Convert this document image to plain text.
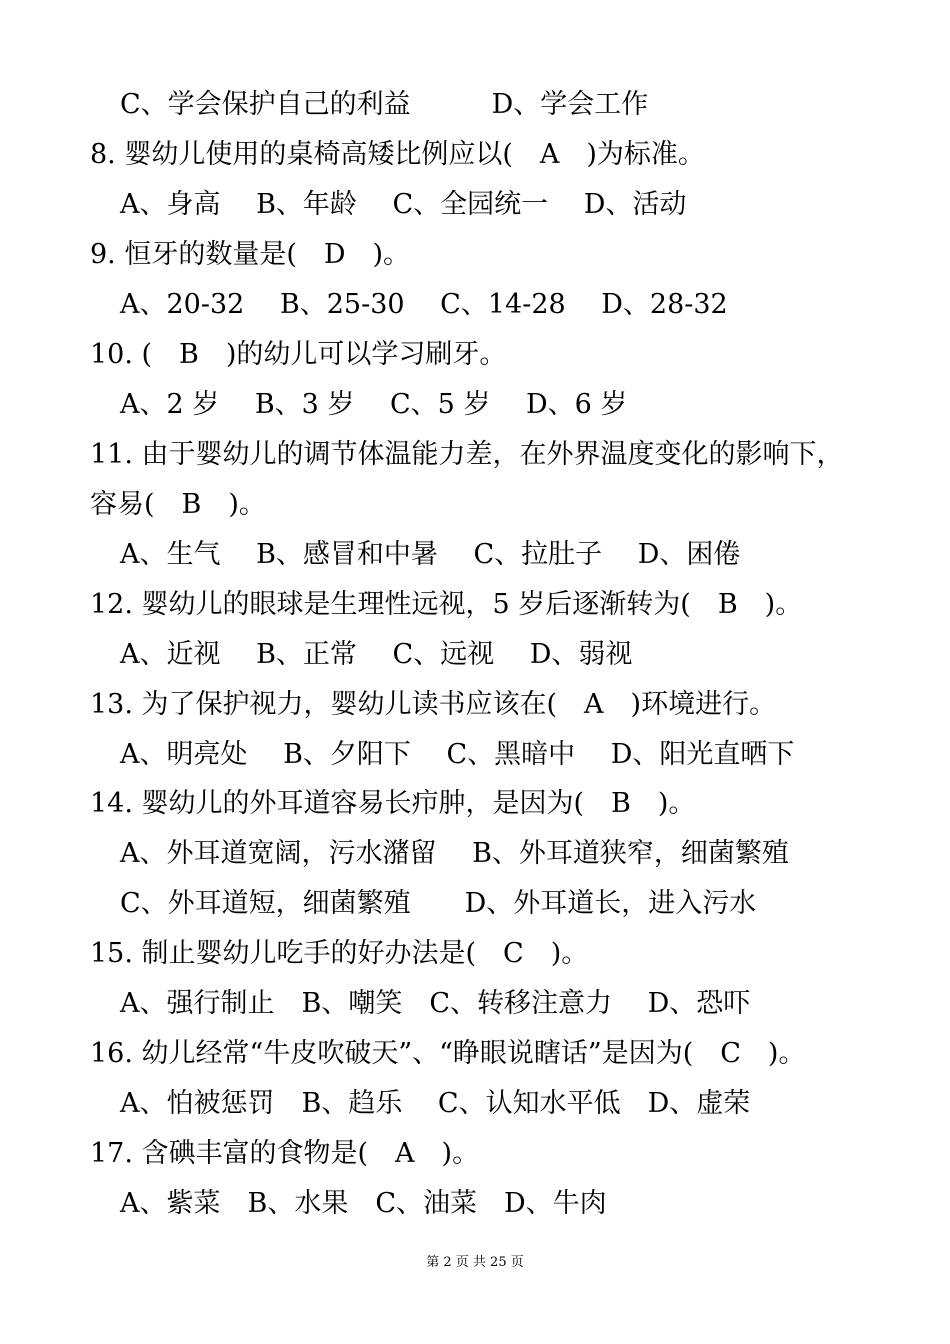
C、学会保护自己的利益　　　D、学会工作
8. 婴幼儿使用的桌椅高矮比例应以(　A　)为标准。
A、身高　 B、年龄　 C、全园统一　 D、活动
9. 恒牙的数量是(　D　)。
A、20-32　 B、25-30　 C、14-28　 D、28-32
10. (　B　)的幼儿可以学习刷牙。
A、2 岁　 B、3 岁　 C、5 岁　 D、6 岁
11. 由于婴幼儿的调节体温能力差，在外界温度变化的影响下，
容易(　B　)。
A、生气　 B、感冒和中暑　 C、拉肚子　 D、困倦
12. 婴幼儿的眼球是生理性远视，5 岁后逐渐转为(　B　)。
A、近视　 B、正常　 C、远视　 D、弱视
13. 为了保护视力，婴幼儿读书应该在(　A　)环境进行。
A、明亮处　 B、夕阳下　 C、黑暗中　 D、阳光直晒下
14. 婴幼儿的外耳道容易长疖肿，是因为(　B　)。
A、外耳道宽阔，污水潴留　 B、外耳道狭窄，细菌繁殖
C、外耳道短，细菌繁殖　　D、外耳道长，进入污水
15. 制止婴幼儿吃手的好办法是(　C　)。
A、强行制止　B、嘲笑　C、转移注意力　 D、恐吓
16. 幼儿经常“牛皮吹破天”、“睁眼说瞎话”是因为(　C　)。
A、怕被惩罚　B、趋乐　 C、认知水平低　D、虚荣
17. 含碘丰富的食物是(　A　)。
A、紫菜　B、水果　C、油菜　D、牛肉
第 2 页 共 25 页
